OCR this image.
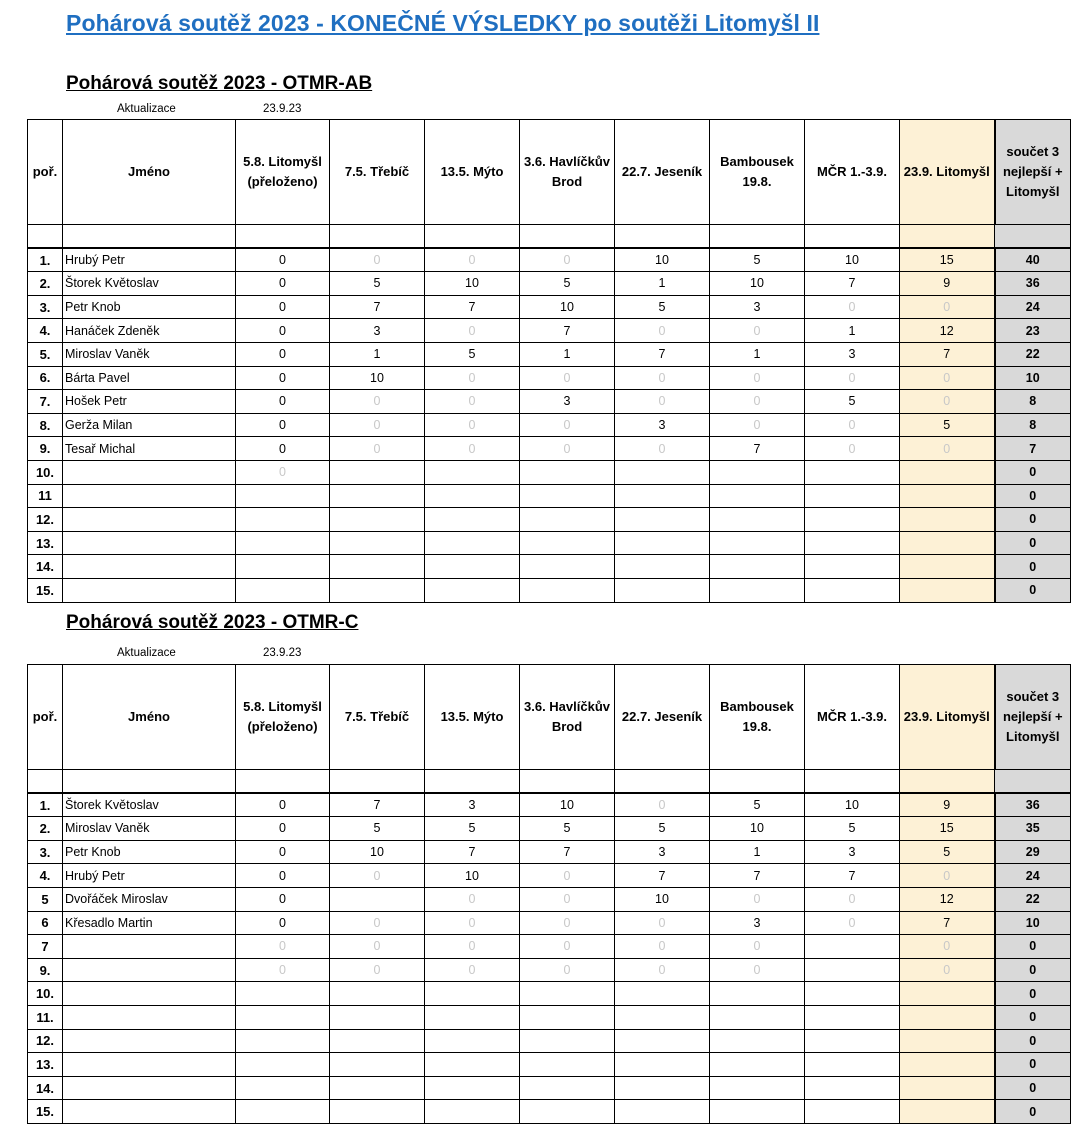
Pohárová soutěž 2023 - KONEČNÉ VÝSLEDKY po soutěži Litomyšl II
Pohárová soutěž 2023 - OTMR-AB
Aktualizace	23.9.23
poř.	Jméno	5.8. Litomyšl (přeloženo)	7.5. Třebíč	13.5. Mýto	3.6. Havlíčkův Brod	22.7. Jeseník	Bambousek 19.8.	MČR 1.-3.9.	23.9. Litomyšl	součet 3 nejlepší + Litomyšl

1.	Hrubý Petr	0	0	0	0	10	5	10	15	40
2.	Štorek Květoslav	0	5	10	5	1	10	7	9	36
3.	Petr Knob	0	7	7	10	5	3	0	0	24
4.	Hanáček Zdeněk	0	3	0	7	0	0	1	12	23
5.	Miroslav Vaněk	0	1	5	1	7	1	3	7	22
6.	Bárta Pavel	0	10	0	0	0	0	0	0	10
7.	Hošek Petr	0	0	0	3	0	0	5	0	8
8.	Gerža Milan	0	0	0	0	3	0	0	5	8
9.	Tesař Michal	0	0	0	0	0	7	0	0	7
10.		0								0
11										0
12.										0
13.										0
14.										0
15.										0
Pohárová soutěž 2023 - OTMR-C
Aktualizace	23.9.23
poř.	Jméno	5.8. Litomyšl (přeloženo)	7.5. Třebíč	13.5. Mýto	3.6. Havlíčkův Brod	22.7. Jeseník	Bambousek 19.8.	MČR 1.-3.9.	23.9. Litomyšl	součet 3 nejlepší + Litomyšl

1.	Štorek Květoslav	0	7	3	10	0	5	10	9	36
2.	Miroslav Vaněk	0	5	5	5	5	10	5	15	35
3.	Petr Knob	0	10	7	7	3	1	3	5	29
4.	Hrubý Petr	0	0	10	0	7	7	7	0	24
5	Dvořáček Miroslav	0		0	0	10	0	0	12	22
6	Křesadlo Martin	0	0	0	0	0	3	0	7	10
7		0	0	0	0	0	0		0	0
9.		0	0	0	0	0	0		0	0
10.										0
11.										0
12.										0
13.										0
14.										0
15.										0
